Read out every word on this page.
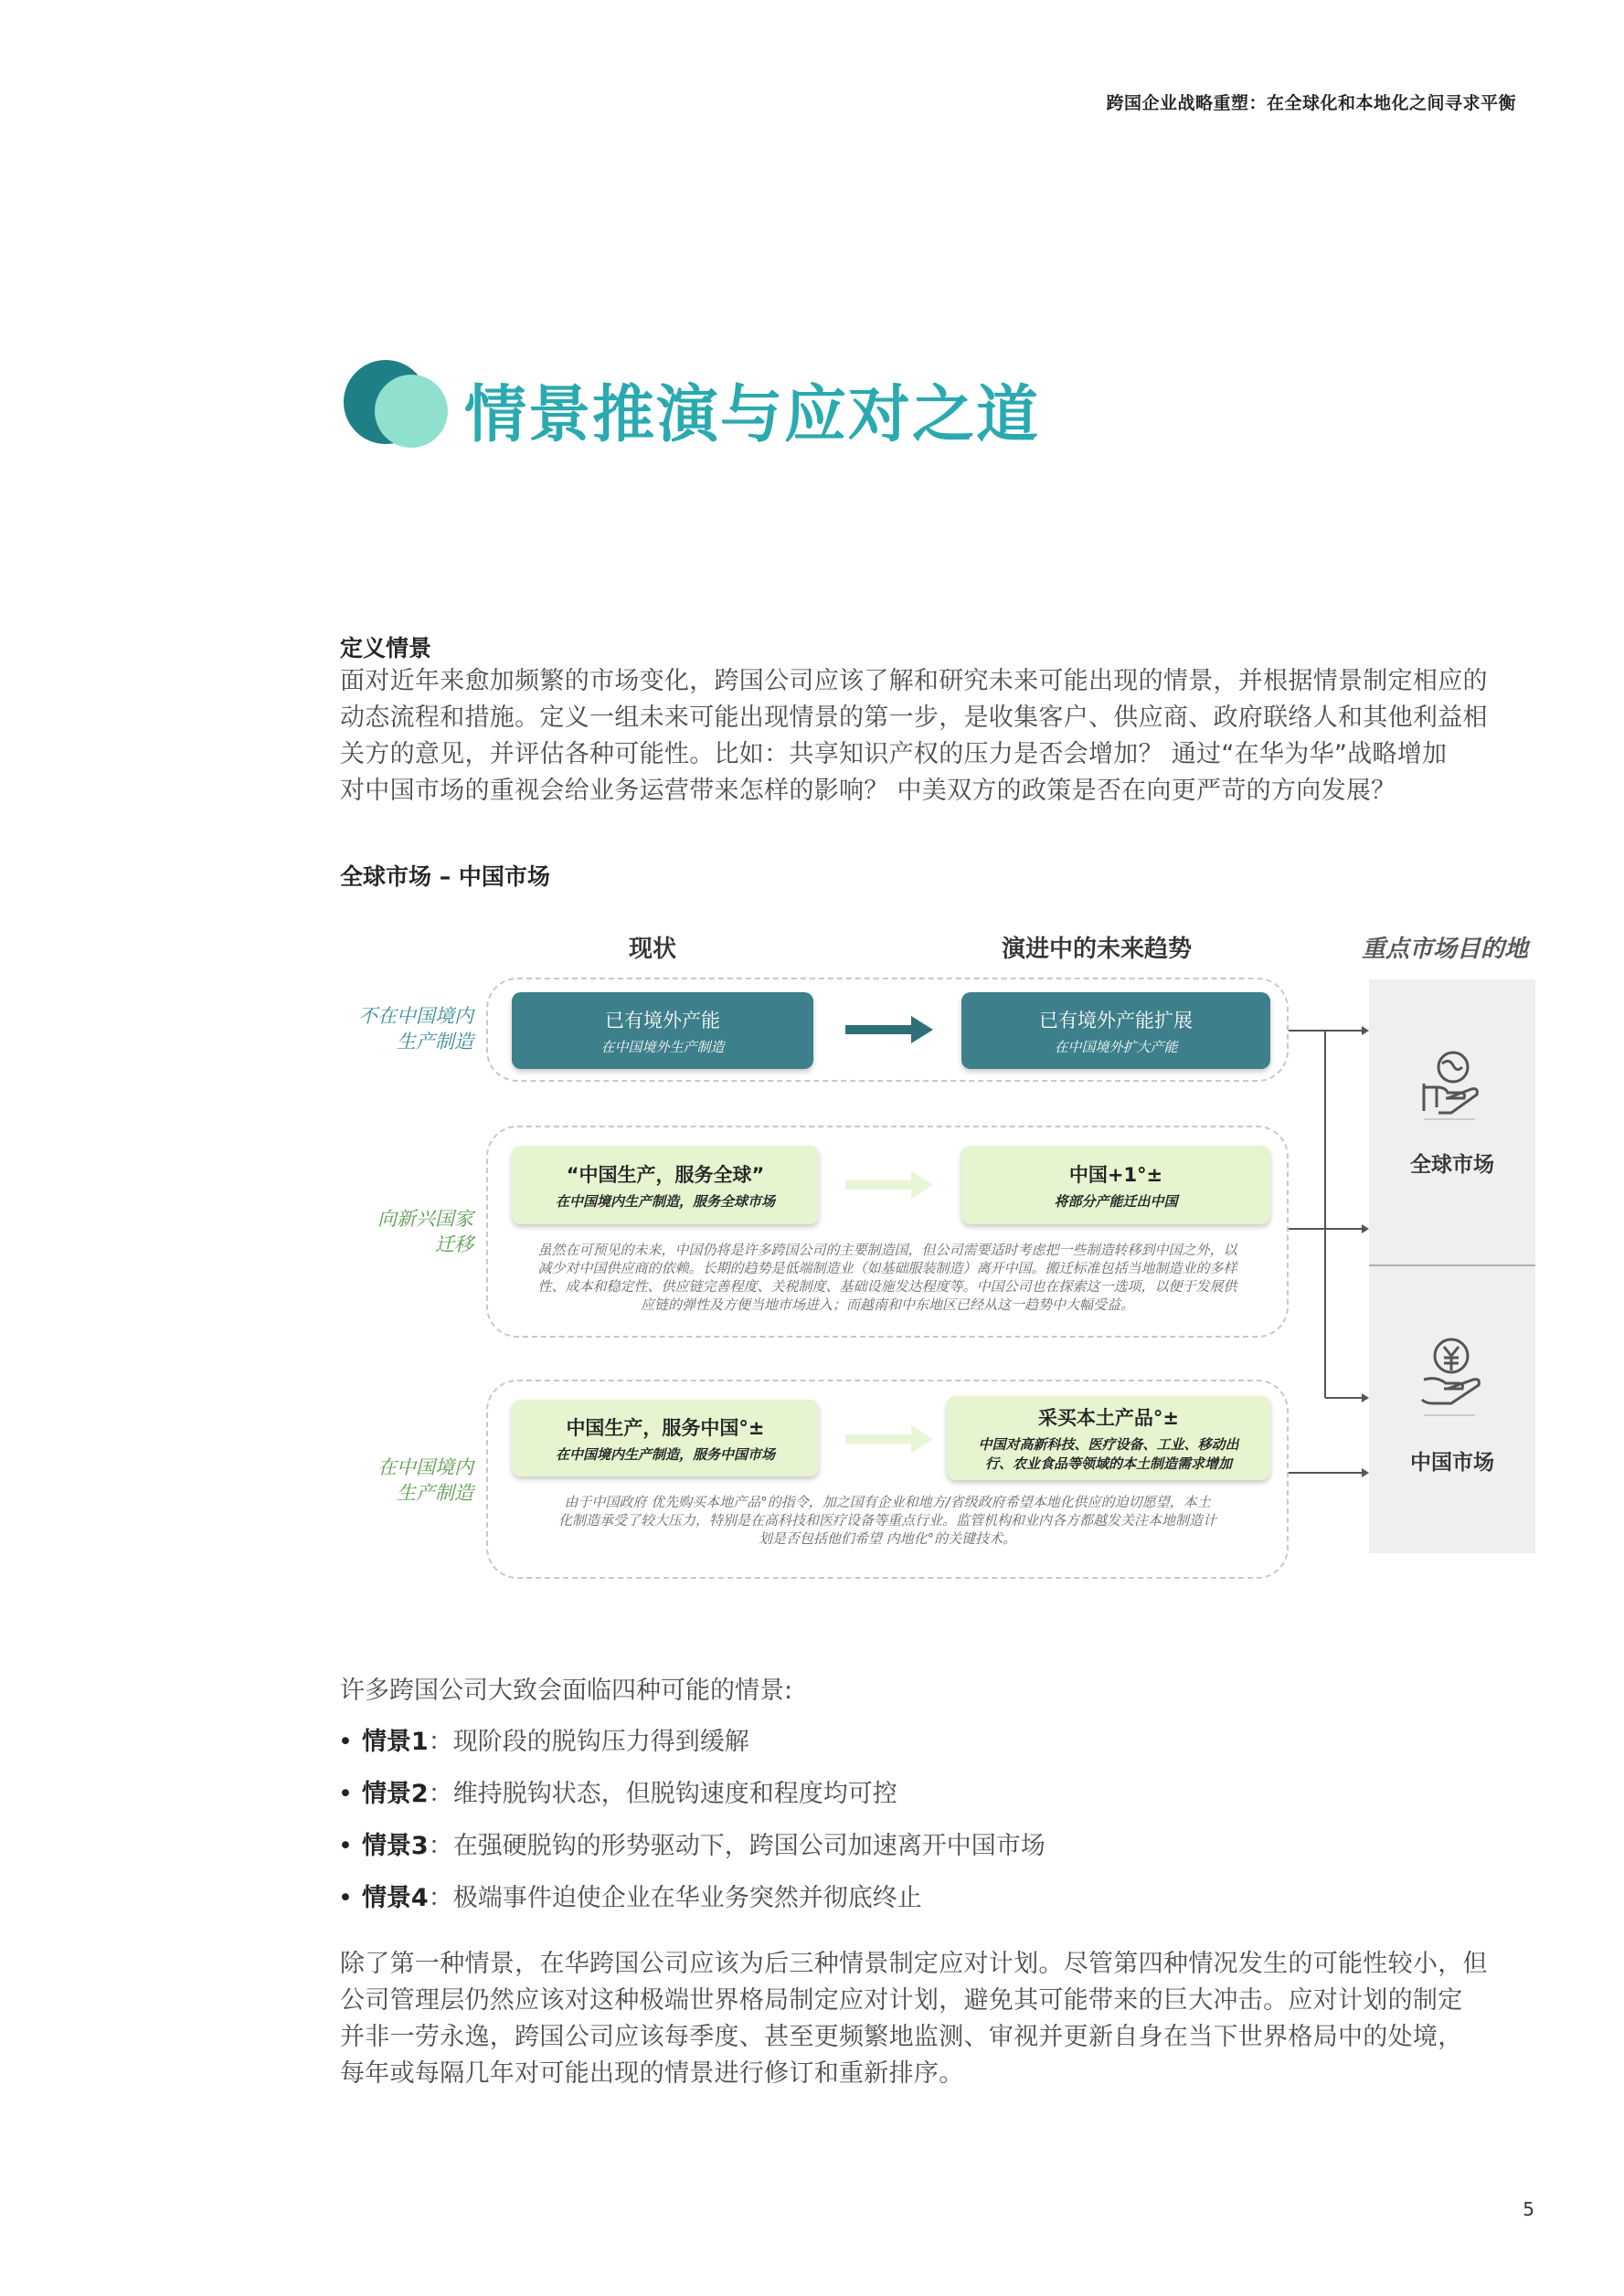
跨国企业战略重塑：在全球化和本地化之间寻求平衡
情景推演与应对之道
定义情景
面对近年来愈加频繁的市场变化，跨国公司应该了解和研究未来可能出现的情景，并根据情景制定相应的
动态流程和措施。定义一组未来可能出现情景的第一步，是收集客户、供应商、政府联络人和其他利益相
关方的意见，并评估各种可能性。比如：共享知识产权的压力是否会增加？ 通过“在华为华”战略增加
对中国市场的重视会给业务运营带来怎样的影响？ 中美双方的政策是否在向更严苛的方向发展？
全球市场 – 中国市场
现状	演进中的未来趋势	重点市场目的地
不在中国境内
生产制造
已有境外产能
在中国境外生产制造
已有境外产能扩展
在中国境外扩大产能
向新兴国家
迁移
“中国生产，服务全球”
在中国境内生产制造，服务全球市场
中国+1°±
将部分产能迁出中国
虽然在可预见的未来，中国仍将是许多跨国公司的主要制造国，但公司需要适时考虑把一些制造转移到中国之外，以
减少对中国供应商的依赖。长期的趋势是低端制造业（如基础服装制造）离开中国。搬迁标准包括当地制造业的多样
性、成本和稳定性、供应链完善程度、关税制度、基础设施发达程度等。中国公司也在探索这一选项，以便于发展供
应链的弹性及方便当地市场进入；而越南和中东地区已经从这一趋势中大幅受益。
在中国境内
生产制造
中国生产，服务中国°±
在中国境内生产制造，服务中国市场
采买本土产品°±
中国对高新科技、医疗设备、工业、移动出
行、农业食品等领域的本土制造需求增加
由于中国政府 优先购买本地产品°的指令，加之国有企业和地方/省级政府希望本地化供应的迫切愿望，本土
化制造承受了较大压力，特别是在高科技和医疗设备等重点行业。监管机构和业内各方都越发关注本地制造计
划是否包括他们希望 内地化°的关键技术。
全球市场
中国市场
许多跨国公司大致会面临四种可能的情景:
• 情景1：现阶段的脱钩压力得到缓解
• 情景2：维持脱钩状态，但脱钩速度和程度均可控
• 情景3：在强硬脱钩的形势驱动下，跨国公司加速离开中国市场
• 情景4：极端事件迫使企业在华业务突然并彻底终止
除了第一种情景，在华跨国公司应该为后三种情景制定应对计划。尽管第四种情况发生的可能性较小，但
公司管理层仍然应该对这种极端世界格局制定应对计划，避免其可能带来的巨大冲击。应对计划的制定
并非一劳永逸，跨国公司应该每季度、甚至更频繁地监测、审视并更新自身在当下世界格局中的处境，
每年或每隔几年对可能出现的情景进行修订和重新排序。
5
